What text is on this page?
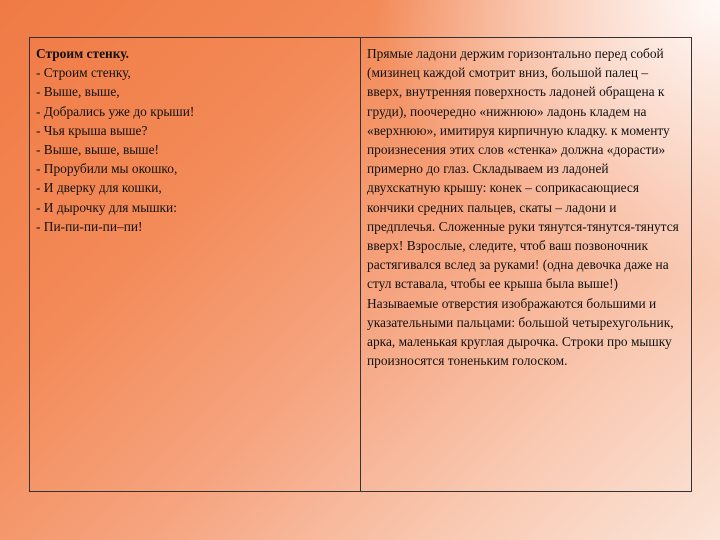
Строим стенку.
- Строим стенку,
- Выше, выше,
- Добрались уже до крыши!
- Чья крыша выше?
- Выше, выше, выше!
- Прорубили мы окошко,
- И дверку для кошки,
- И дырочку для мышки:
- Пи-пи-пи-пи–пи!

Прямые ладони держим горизонтально перед собой (мизинец каждой смотрит вниз, большой палец – вверх, внутренняя поверхность ладоней обращена к груди), поочередно «нижнюю» ладонь кладем на «верхнюю», имитируя кирпичную кладку. к моменту произнесения этих слов «стенка» должна «дорасти» примерно до глаз. Складываем из ладоней двухскатную крышу: конек – соприкасающиеся кончики средних пальцев, скаты – ладони и предплечья. Сложенные руки тянутся-тянутся-тянутся вверх! Взрослые, следите, чтоб ваш позвоночник растягивался вслед за руками! (одна девочка даже на стул вставала, чтобы ее крыша была выше!) Называемые отверстия изображаются большими и указательными пальцами: большой четырехугольник, арка, маленькая круглая дырочка. Строки про мышку произносятся тоненьким голоском.
